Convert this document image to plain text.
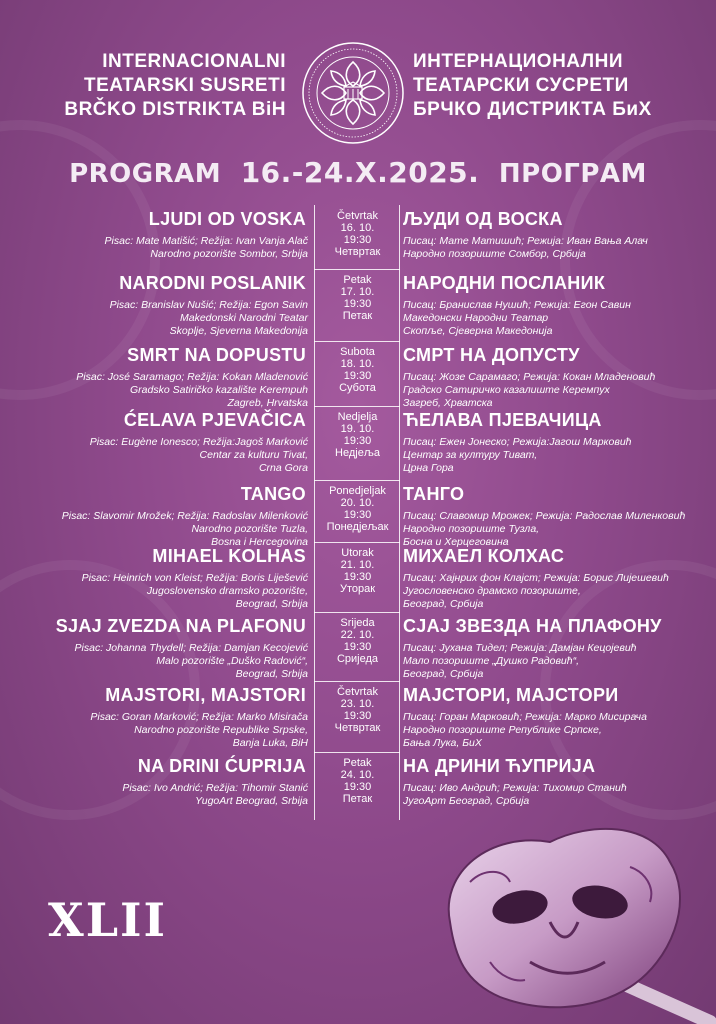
INTERNACIONALNI
TEATARSKI SUSRETI
BRČKO DISTRIKTA BiH
ИНТЕРНАЦИОНАЛНИ
ТЕАТАРСКИ СУСРЕТИ
БРЧКО ДИСТРИКТА БиХ
PROGRAM 16.-24.X.2025. ПРОГРАМ
LJUDI OD VOSKA	ЉУДИ ОД ВОСКА
Pisac: Mate Matišić; Režija: Ivan Vanja Alač
Narodno pozorište Sombor, Srbija
Писац: Мате Матишић; Режија: Иван Вања Алач
Народно позориште Сомбор, Србија
Četvrtak
16. 10.
19:30
Четвртак
NARODNI POSLANIK	НАРОДНИ ПОСЛАНИК
Pisac: Branislav Nušić; Režija: Egon Savin
Makedonski Narodni Teatar
Skoplje, Sjeverna Makedonija
Писац: Бранислав Нушић; Режија: Егон Савин
Македонски Народни Театар
Скопље, Сјеверна Македонија
Petak
17. 10.
19:30
Петак
SMRT NA DOPUSTU	СМРТ НА ДОПУСТУ
Pisac: José Saramago; Režija: Kokan Mladenović
Gradsko Satiričko kazalište Kerempuh
Zagreb, Hrvatska
Писац: Жозе Сарамаго; Режија: Кокан Младеновић
Градско Сатиричко казалиште Керемпух
Загреб, Хрватска
Subota
18. 10.
19:30
Субота
ĆELAVA PJEVAČICA	ЋЕЛАВА ПЈЕВАЧИЦА
Pisac: Eugène Ionesco; Režija:Jagoš Marković
Centar za kulturu Tivat,
Crna Gora
Писац: Ежен Јонеско; Режија:Јагош Марковић
Центар за културу Тиват,
Црна Гора
Nedjelja
19. 10.
19:30
Недјеља
TANGO	ТАНГО
Pisac: Slavomir Mrožek; Režija: Radoslav Milenković
Narodno pozorište Tuzla,
Bosna i Hercegovina
Писац: Славомир Мрожек; Режија: Радослав Миленковић
Народно позориште Тузла,
Босна и Херцеговина
Ponedjeljak
20. 10.
19:30
Понедјељак
MIHAEL KOLHAS	МИХАЕЛ КОЛХАС
Pisac: Heinrich von Kleist; Režija: Boris Liješević
Jugoslovensko dramsko pozorište,
Beograd, Srbija
Писац: Хајнрих фон Клајст; Режија: Борис Лијешевић
Југословенско драмско позориште,
Београд, Србија
Utorak
21. 10.
19:30
Уторак
SJAJ ZVEZDA NA PLAFONU	СЈАЈ ЗВЕЗДА НА ПЛАФОНУ
Pisac: Johanna Thydell; Režija: Damjan Kecojević
Malo pozorište „Duško Radović“,
Beograd, Srbija
Писац: Јухана Тидел; Режија: Дамјан Кецојевић
Мало позориште „Душко Радовић“,
Београд, Србија
Srijeda
22. 10.
19:30
Сриједа
MAJSTORI, MAJSTORI	МАЈСТОРИ, МАЈСТОРИ
Pisac: Goran Marković; Režija: Marko Misirača
Narodno pozorište Republike Srpske,
Banja Luka, BiH
Писац: Горан Марковић; Режија: Марко Мисирача
Народно позориште Републике Српске,
Бања Лука, БиХ
Četvrtak
23. 10.
19:30
Четвртак
NA DRINI ĆUPRIJA	НА ДРИНИ ЋУПРИЈА
Pisac: Ivo Andrić; Režija: Tihomir Stanić
YugoArt Beograd, Srbija
Писац: Иво Андрић; Режија: Тихомир Станић
ЈугоАрт Београд, Србија
Petak
24. 10.
19:30
Петак
XLII
